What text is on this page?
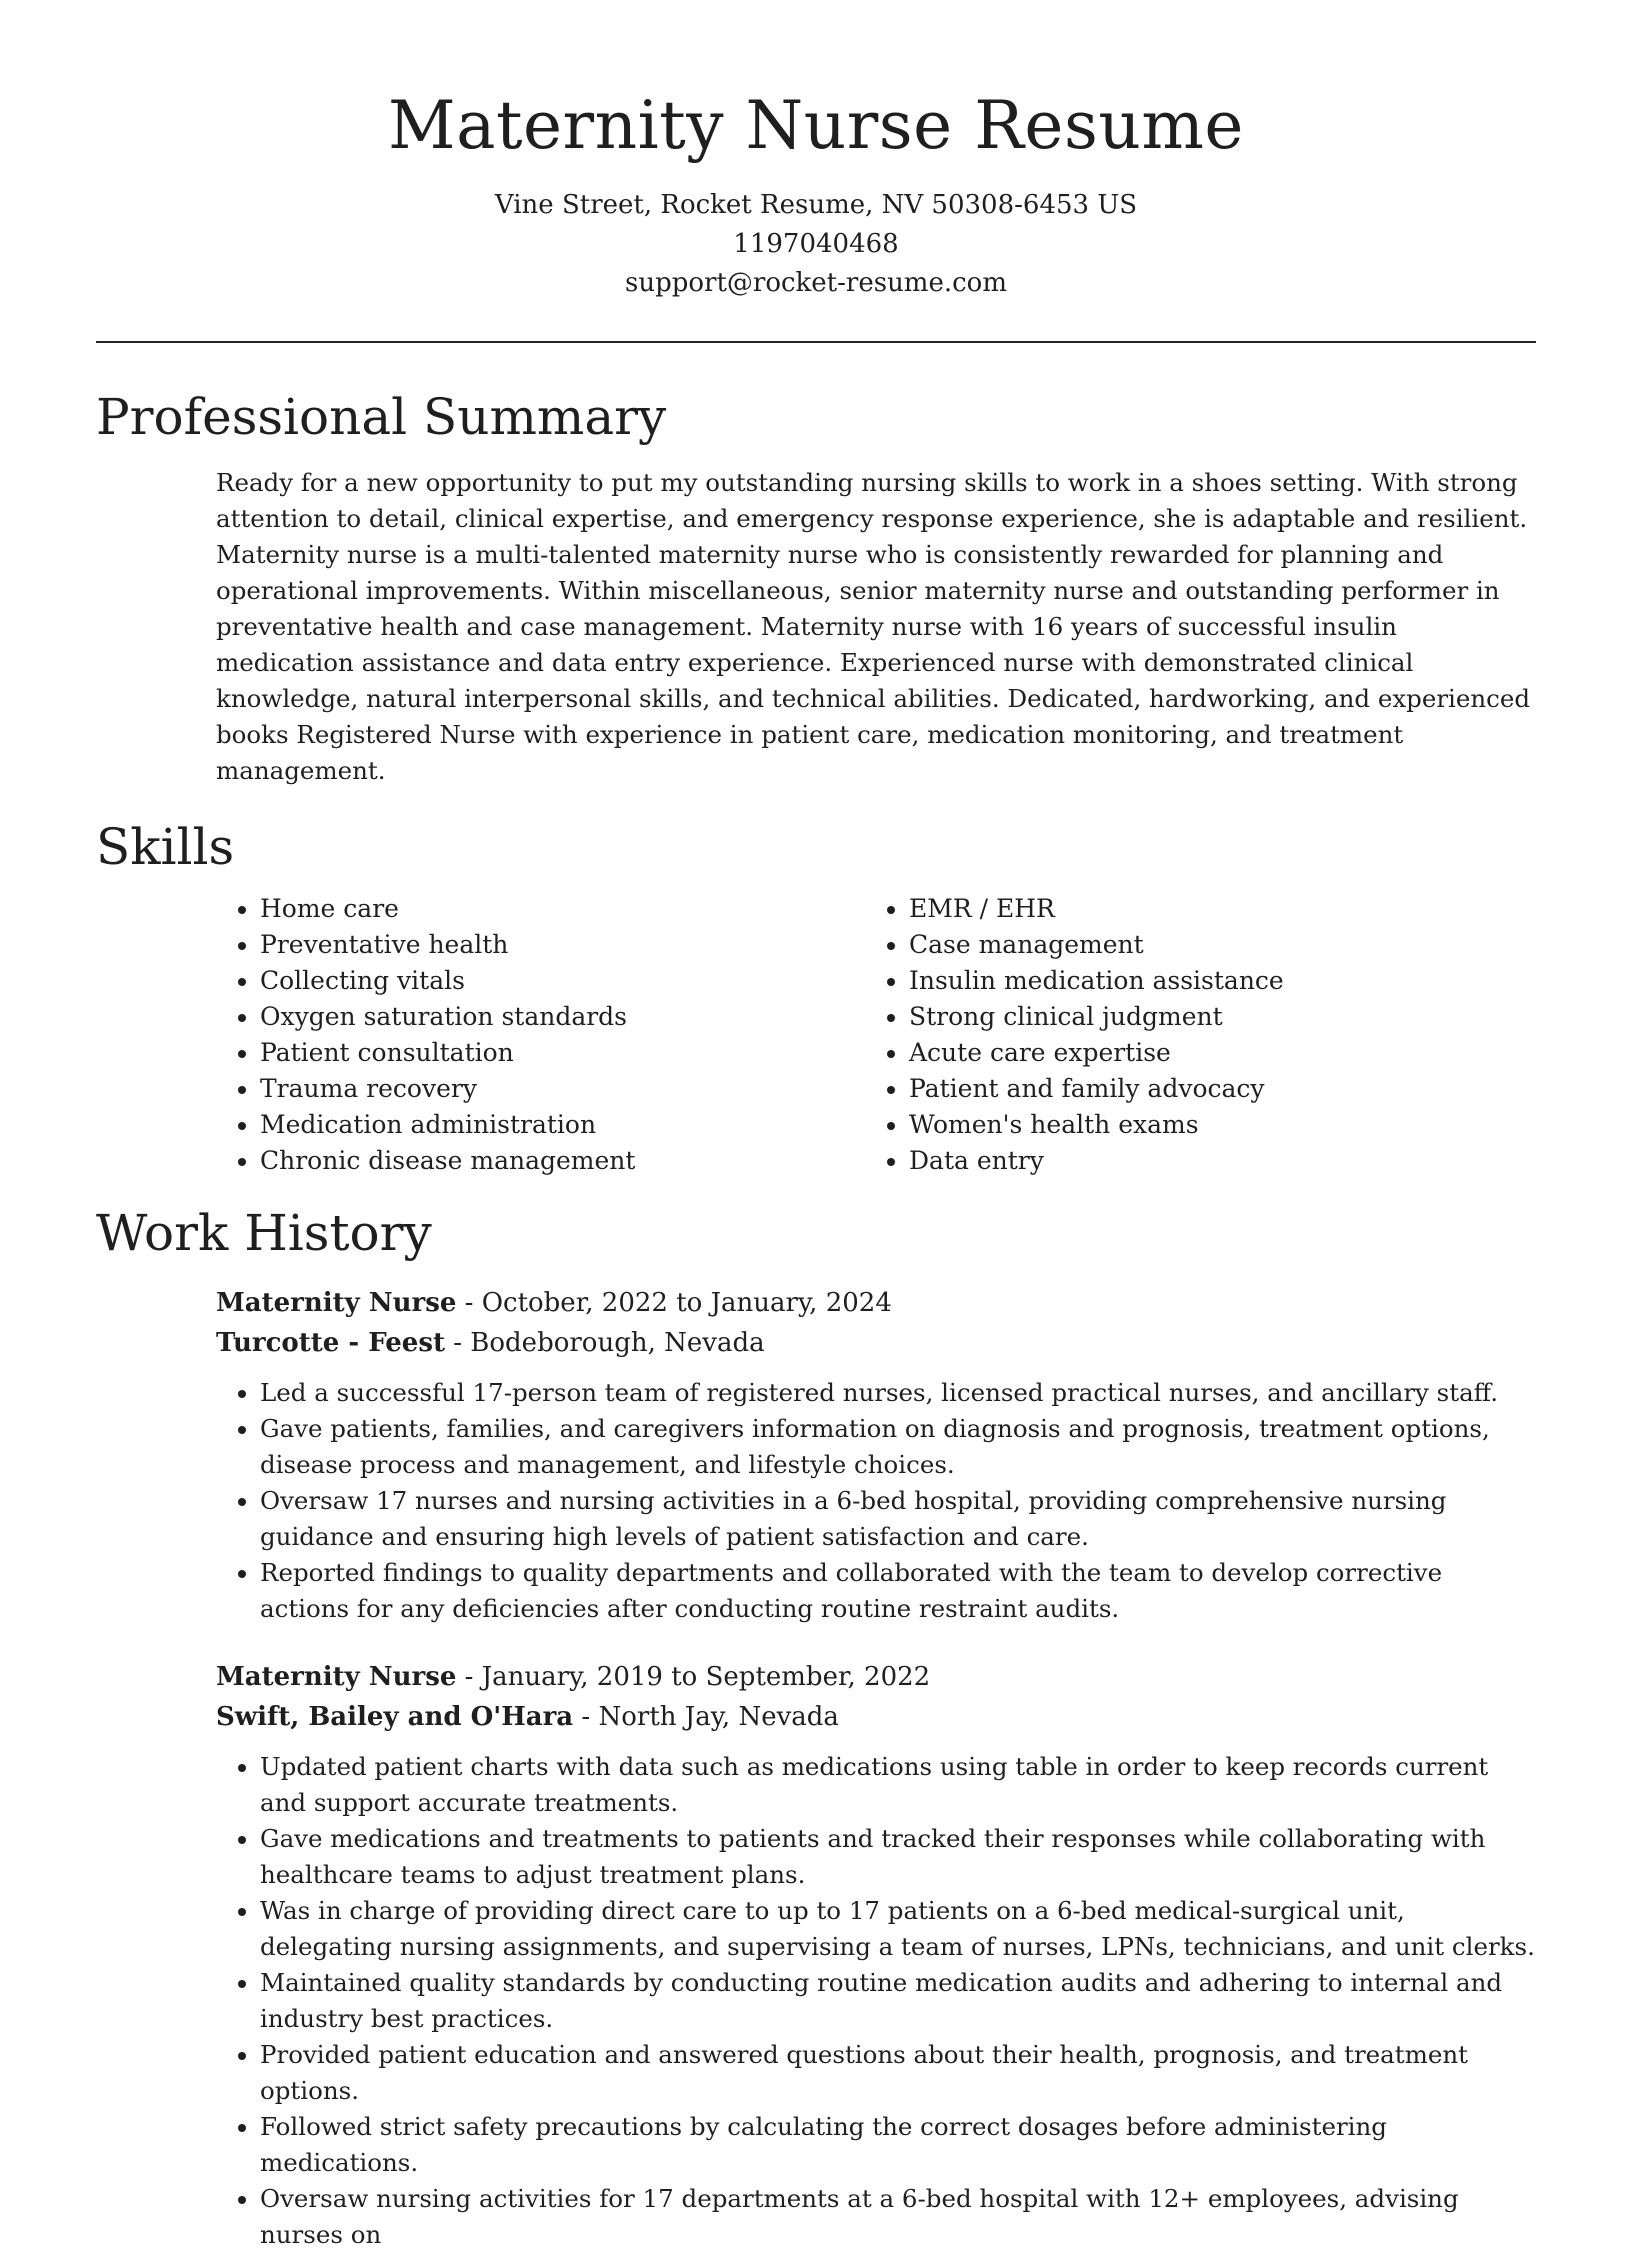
Maternity Nurse Resume
Vine Street, Rocket Resume, NV 50308-6453 US
1197040468
support@rocket-resume.com
Professional Summary

Ready for a new opportunity to put my outstanding nursing skills to work in a shoes setting. With strong attention to detail, clinical expertise, and emergency response experience, she is adaptable and resilient. Maternity nurse is a multi-talented maternity nurse who is consistently rewarded for planning and operational improvements. Within miscellaneous, senior maternity nurse and outstanding performer in preventative health and case management. Maternity nurse with 16 years of successful insulin medication assistance and data entry experience. Experienced nurse with demonstrated clinical knowledge, natural interpersonal skills, and technical abilities. Dedicated, hardworking, and experienced books Registered Nurse with experience in patient care, medication monitoring, and treatment management.

Skills
• Home care
• Preventative health
• Collecting vitals
• Oxygen saturation standards
• Patient consultation
• Trauma recovery
• Medication administration
• Chronic disease management
• EMR / EHR
• Case management
• Insulin medication assistance
• Strong clinical judgment
• Acute care expertise
• Patient and family advocacy
• Women's health exams
• Data entry
Work History
Maternity Nurse - October, 2022 to January, 2024
Turcotte - Feest - Bodeborough, Nevada
• Led a successful 17-person team of registered nurses, licensed practical nurses, and ancillary staff.
• Gave patients, families, and caregivers information on diagnosis and prognosis, treatment options, disease process and management, and lifestyle choices.
• Oversaw 17 nurses and nursing activities in a 6-bed hospital, providing comprehensive nursing guidance and ensuring high levels of patient satisfaction and care.
• Reported findings to quality departments and collaborated with the team to develop corrective actions for any deficiencies after conducting routine restraint audits.
Maternity Nurse - January, 2019 to September, 2022
Swift, Bailey and O'Hara - North Jay, Nevada
• Updated patient charts with data such as medications using table in order to keep records current and support accurate treatments.
• Gave medications and treatments to patients and tracked their responses while collaborating with healthcare teams to adjust treatment plans.
• Was in charge of providing direct care to up to 17 patients on a 6-bed medical-surgical unit, delegating nursing assignments, and supervising a team of nurses, LPNs, technicians, and unit clerks.
• Maintained quality standards by conducting routine medication audits and adhering to internal and industry best practices.
• Provided patient education and answered questions about their health, prognosis, and treatment options.
• Followed strict safety precautions by calculating the correct dosages before administering medications.
• Oversaw nursing activities for 17 departments at a 6-bed hospital with 12+ employees, advising nurses on
